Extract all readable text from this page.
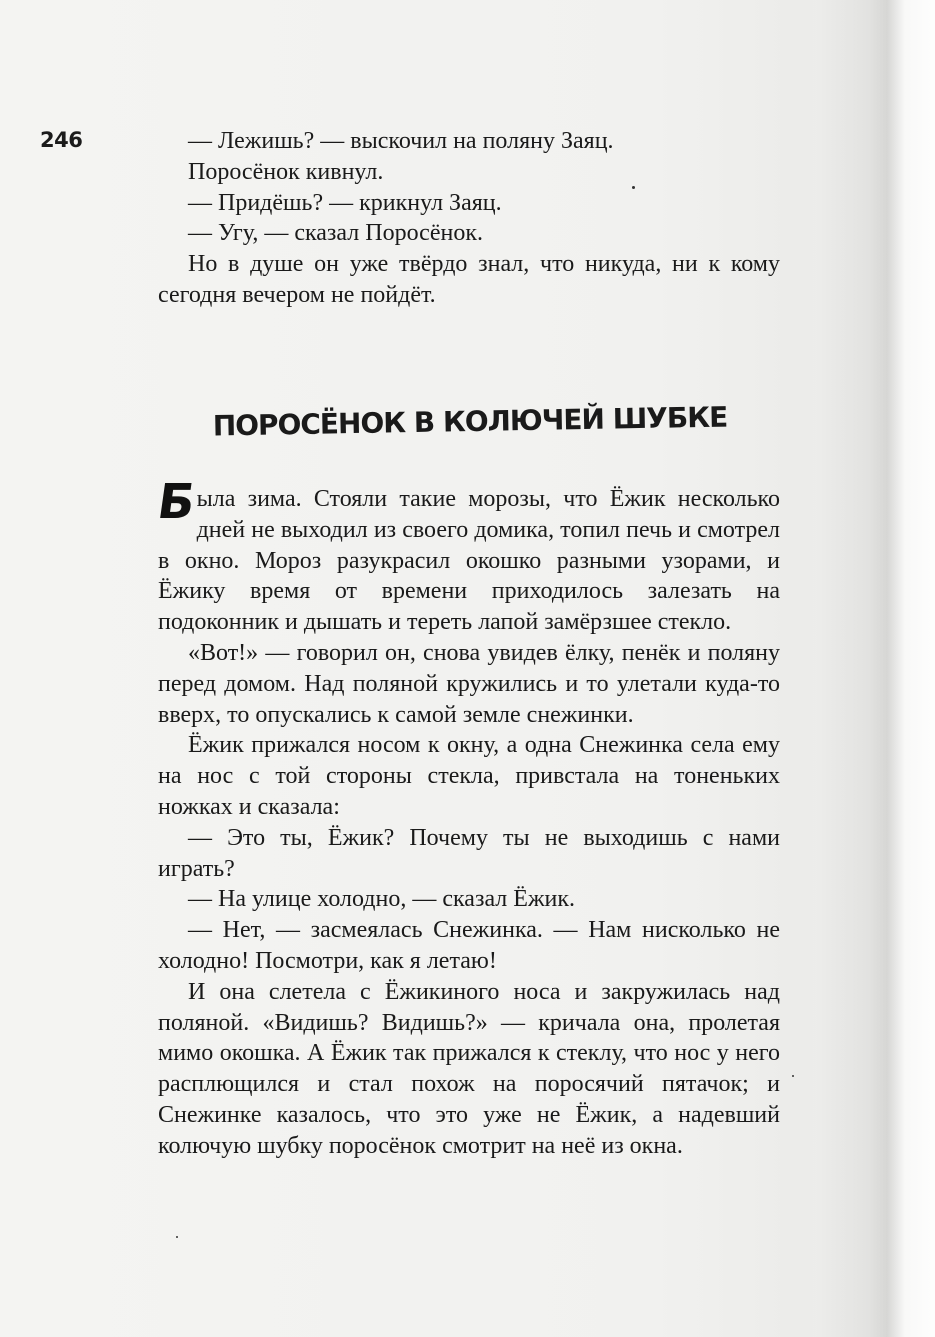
246	— Лежишь? — выскочил на поляну Заяц.

Поросёнок кивнул.

— Придёшь? — крикнул Заяц.

— Угу, — сказал Поросёнок.

Но в душе он уже твёрдо знал, что никуда, ни к кому сегодня вечером не пойдёт.

ПОРОСЁНОК В КОЛЮЧЕЙ ШУБКЕ

Б
ыла зима. Стояли такие морозы, что Ёжик несколько дней не выходил из своего домика, топил печь и смотрел в окно. Мороз разукрасил окошко разными узорами, и Ёжику время от времени приходилось залезать на подоконник и дышать и тереть лапой замёрзшее стекло.

«Вот!» — говорил он, снова увидев ёлку, пенёк и поляну перед домом. Над поляной кружились и то улетали куда-то вверх, то опускались к самой земле снежинки.

Ёжик прижался носом к окну, а одна Снежинка села ему на нос с той стороны стекла, привстала на тоненьких ножках и сказала:

— Это ты, Ёжик? Почему ты не выходишь с нами играть?

— На улице холодно, — сказал Ёжик.

— Нет, — засмеялась Снежинка. — Нам нисколько не холодно! Посмотри, как я летаю!

И она слетела с Ёжикиного носа и закружилась над поляной. «Видишь? Видишь?» — кричала она, пролетая мимо окошка. А Ёжик так прижался к стеклу, что нос у него расплющился и стал похож на поросячий пятачок; и Снежинке казалось, что это уже не Ёжик, а надевший колючую шубку поросёнок смотрит на неё из окна.
